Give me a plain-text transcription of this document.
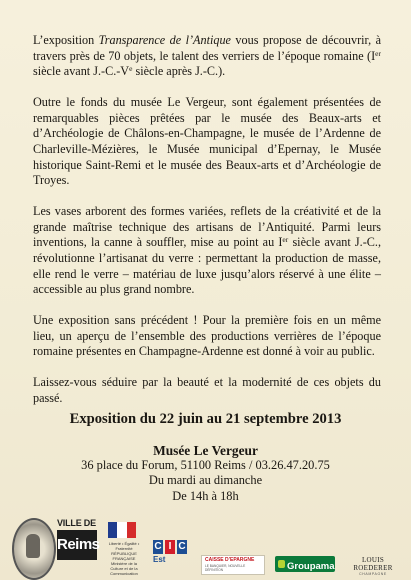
L’exposition Transparence de l’Antique vous propose de découvrir, à travers près de 70 objets, le talent des verriers de l’époque romaine (Ier siècle avant J.-C.-Ve siècle après J.-C.).

Outre le fonds du musée Le Vergeur, sont également présentées de remarquables pièces prêtées par le musée des Beaux-arts et d’Archéologie de Châlons-en-Champagne, le musée de l’Ardenne de Charleville-Mézières, le Musée municipal d’Epernay, le Musée historique Saint-Remi et le musée des Beaux-arts et d’Archéologie de Troyes.

Les vases arborent des formes variées, reflets de la créativité et de la grande maîtrise technique des artisans de l’Antiquité. Parmi leurs inventions, la canne à souffler, mise au point au Ier siècle avant J.-C., révolutionne l’artisanat du verre : permettant la production de masse, elle rend le verre – matériau de luxe jusqu’alors réservé à une élite – accessible au plus grand nombre.

Une exposition sans précédent ! Pour la première fois en un même lieu, un aperçu de l’ensemble des productions verrières de l’époque romaine présentes en Champagne-Ardenne est donné à voir au public.

Laissez-vous séduire par la beauté et la modernité de ces objets du passé.

Exposition du 22 juin au 21 septembre 2013
Musée Le Vergeur
36 place du Forum, 51100 Reims / 03.26.47.20.75
Du mardi au dimanche
De 14h à 18h
VILLE DE
Reims	Liberté • Égalité • Fraternité RÉPUBLIQUE FRANÇAISE Ministère de la Culture et de la Communication
C I C
Est	CAISSE D’EPARGNE
LE BANQUIER, NOUVELLE DÉFINITION	Groupama
LOUIS ROEDERER
CHAMPAGNE
